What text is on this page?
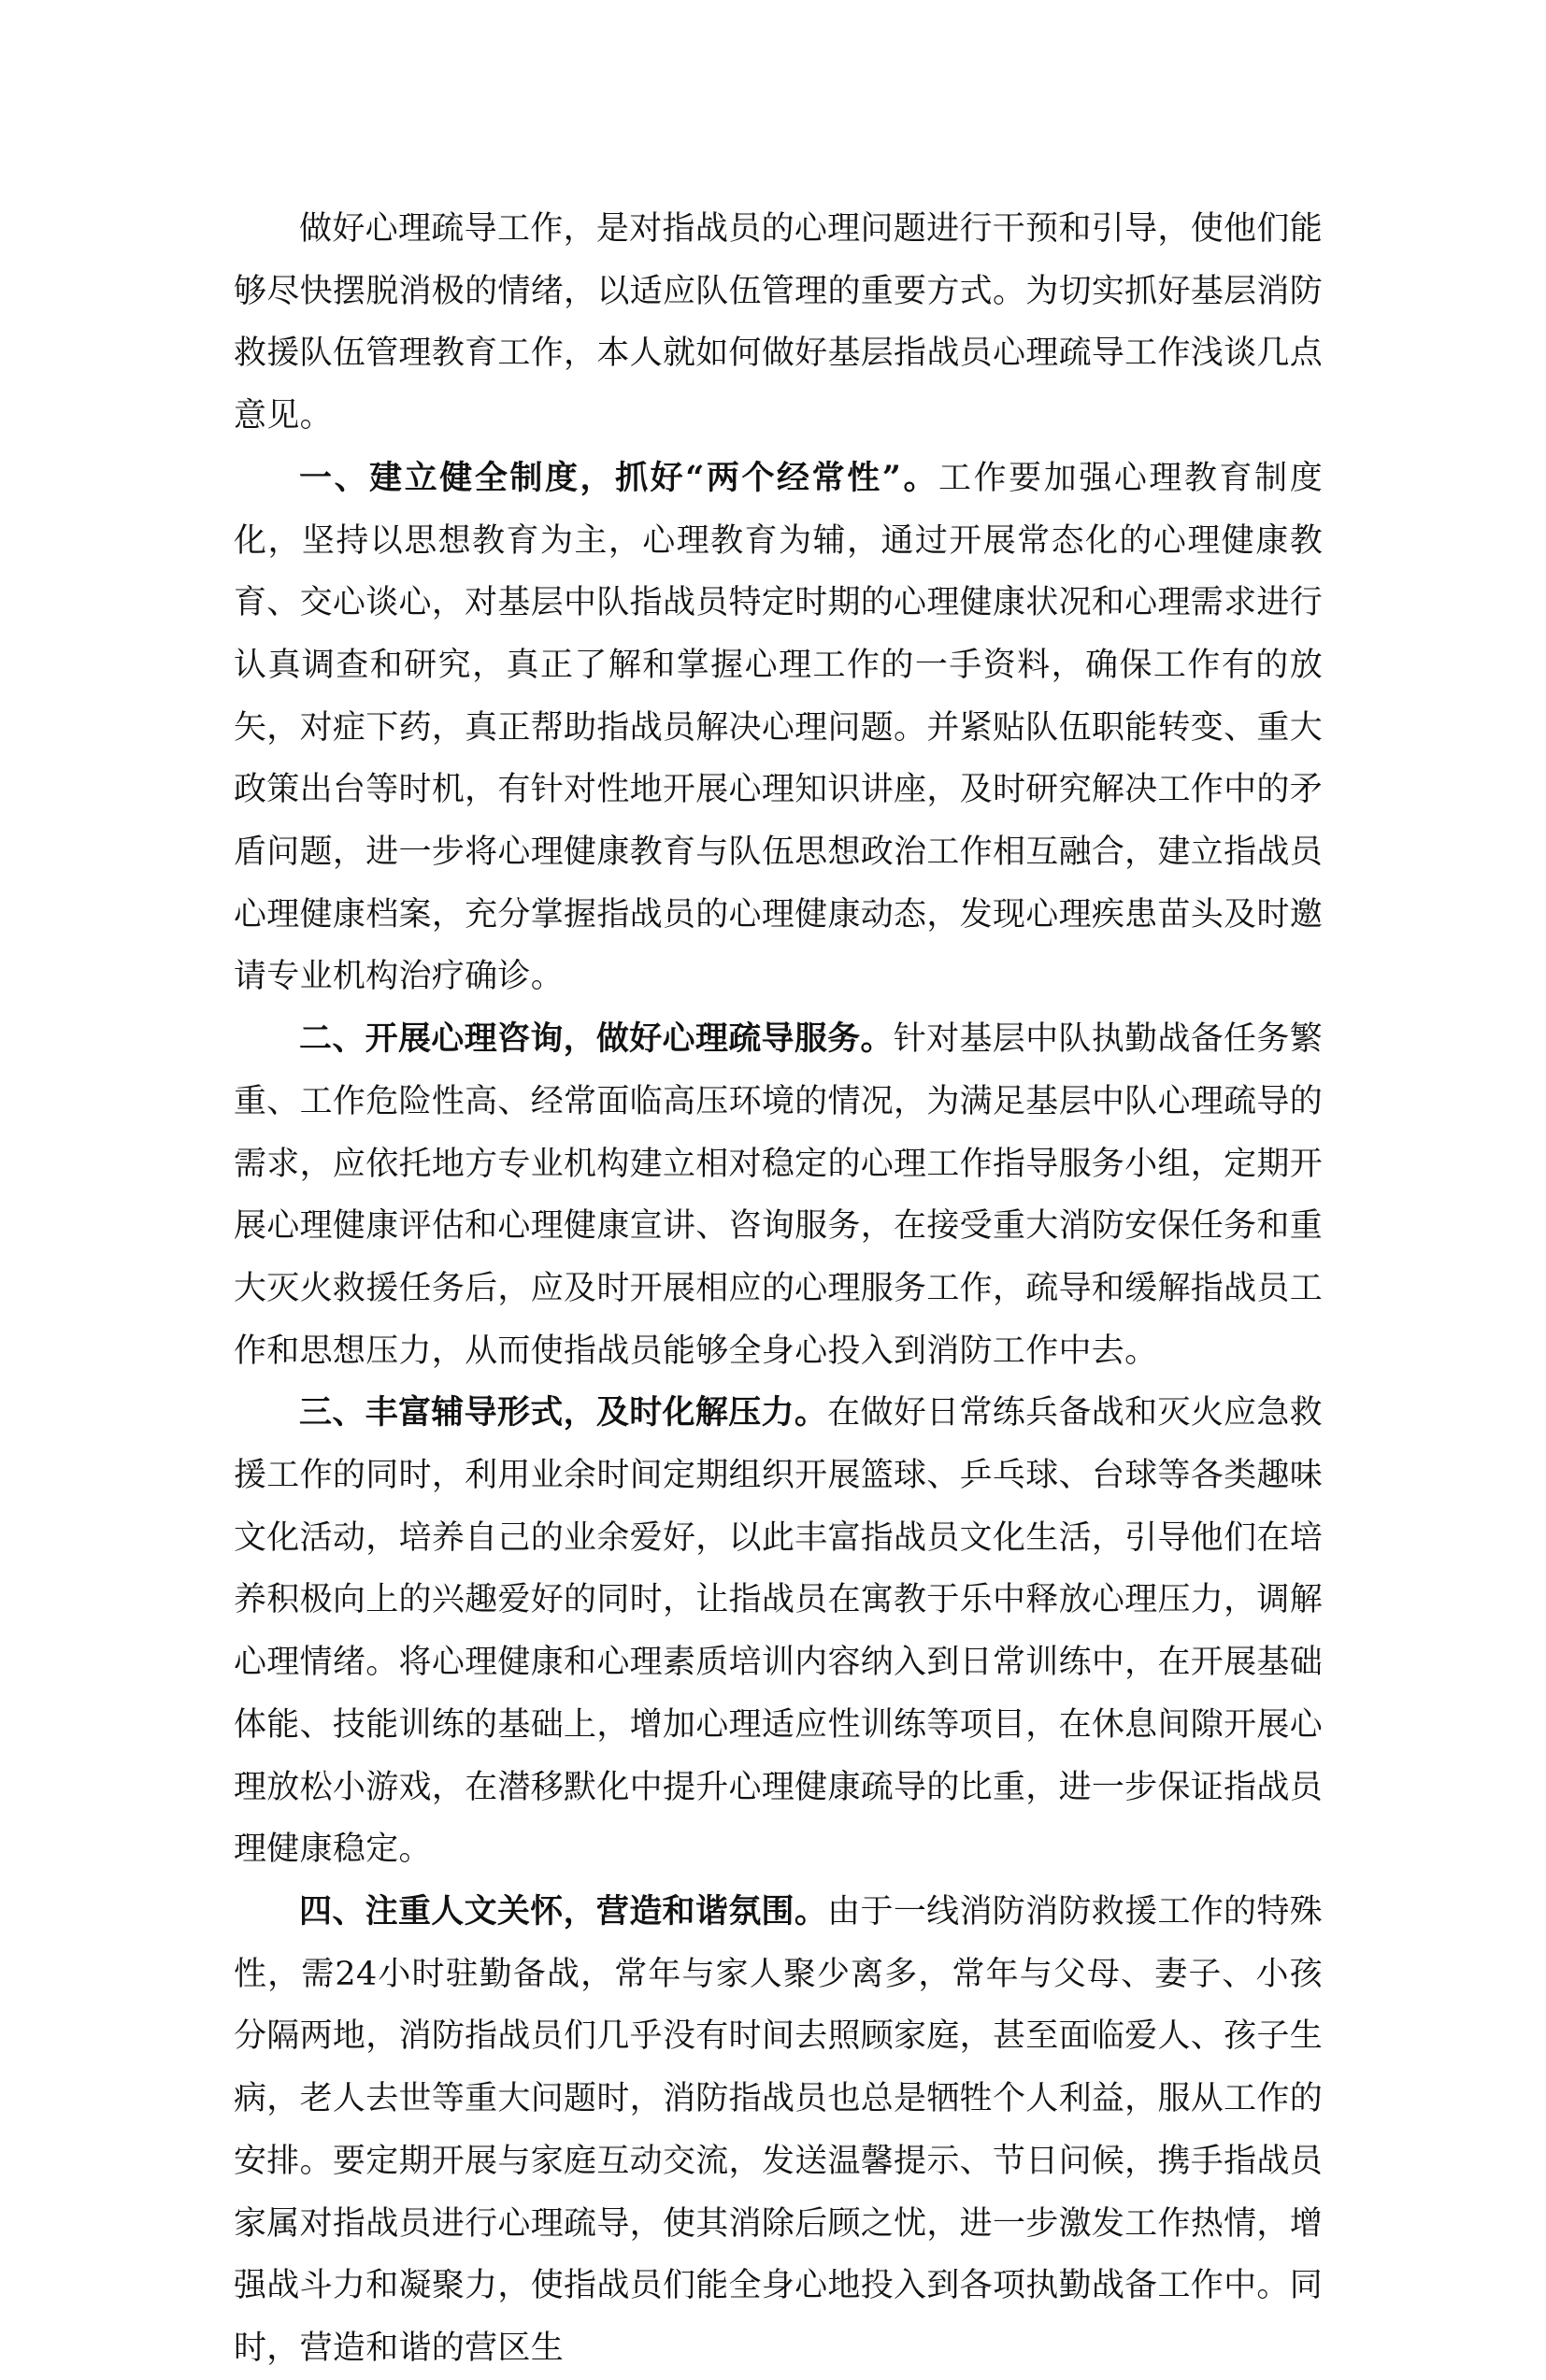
做好心理疏导工作，是对指战员的心理问题进行干预和引导，使他们能够尽快摆脱消极的情绪，以适应队伍管理的重要方式。为切实抓好基层消防救援队伍管理教育工作，本人就如何做好基层指战员心理疏导工作浅谈几点意见。

一、建立健全制度，抓好“两个经常性”。工作要加强心理教育制度化，坚持以思想教育为主，心理教育为辅，通过开展常态化的心理健康教育、交心谈心，对基层中队指战员特定时期的心理健康状况和心理需求进行认真调查和研究，真正了解和掌握心理工作的一手资料，确保工作有的放矢，对症下药，真正帮助指战员解决心理问题。并紧贴队伍职能转变、重大政策出台等时机，有针对性地开展心理知识讲座，及时研究解决工作中的矛盾问题，进一步将心理健康教育与队伍思想政治工作相互融合，建立指战员心理健康档案，充分掌握指战员的心理健康动态，发现心理疾患苗头及时邀请专业机构治疗确诊。

二、开展心理咨询，做好心理疏导服务。针对基层中队执勤战备任务繁重、工作危险性高、经常面临高压环境的情况，为满足基层中队心理疏导的需求，应依托地方专业机构建立相对稳定的心理工作指导服务小组，定期开展心理健康评估和心理健康宣讲、咨询服务，在接受重大消防安保任务和重大灭火救援任务后，应及时开展相应的心理服务工作，疏导和缓解指战员工作和思想压力，从而使指战员能够全身心投入到消防工作中去。

三、丰富辅导形式，及时化解压力。在做好日常练兵备战和灭火应急救援工作的同时，利用业余时间定期组织开展篮球、乒乓球、台球等各类趣味文化活动，培养自己的业余爱好，以此丰富指战员文化生活，引导他们在培养积极向上的兴趣爱好的同时，让指战员在寓教于乐中释放心理压力，调解心理情绪。将心理健康和心理素质培训内容纳入到日常训练中，在开展基础体能、技能训练的基础上，增加心理适应性训练等项目，在休息间隙开展心理放松小游戏，在潜移默化中提升心理健康疏导的比重，进一步保证指战员理健康稳定。

四、注重人文关怀，营造和谐氛围。由于一线消防消防救援工作的特殊性，需24小时驻勤备战，常年与家人聚少离多，常年与父母、妻子、小孩分隔两地，消防指战员们几乎没有时间去照顾家庭，甚至面临爱人、孩子生病，老人去世等重大问题时，消防指战员也总是牺牲个人利益，服从工作的安排。要定期开展与家庭互动交流，发送温馨提示、节日问候，携手指战员家属对指战员进行心理疏导，使其消除后顾之忧，进一步激发工作热情，增强战斗力和凝聚力，使指战员们能全身心地投入到各项执勤战备工作中。同时，营造和谐的营区生
